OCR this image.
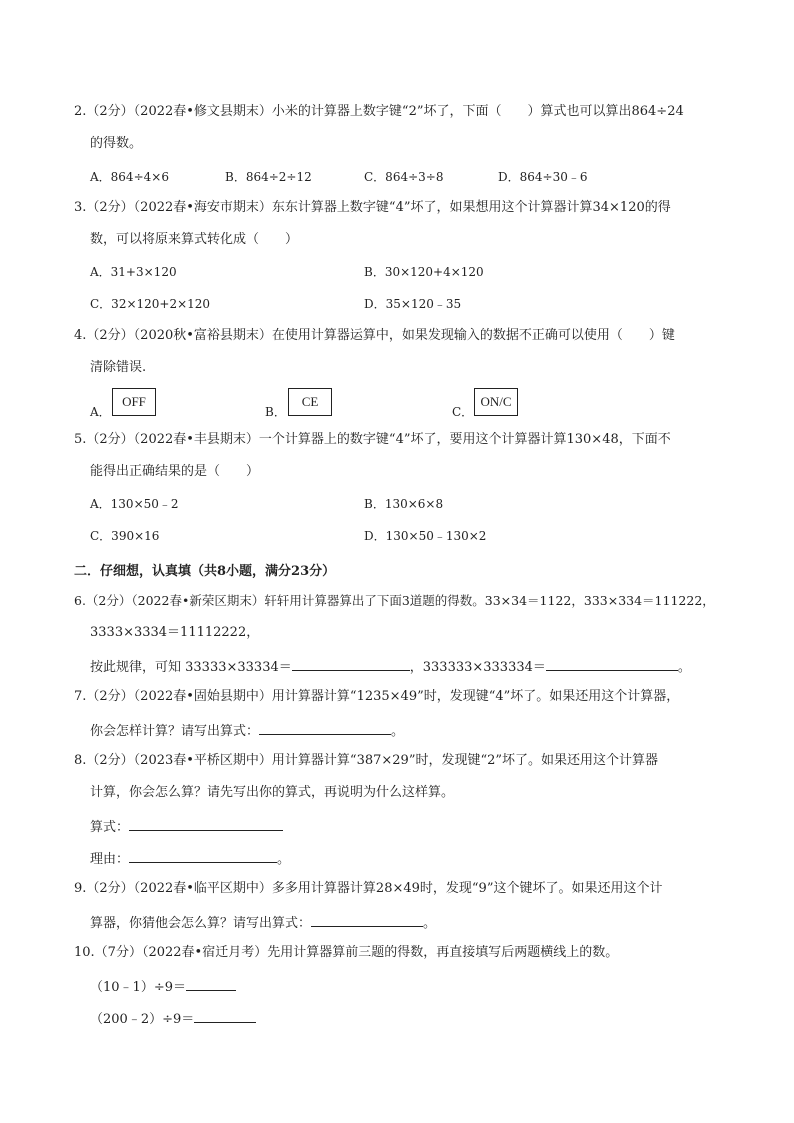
2.（2分）（2022春•修文县期末）小米的计算器上数字键“2”坏了，下面（　　）算式也可以算出864÷24
的得数。
A．864÷4×6	B．864÷2÷12	C．864÷3÷8	D．864÷30﹣6
3.（2分）（2022春•海安市期末）东东计算器上数字键“4”坏了，如果想用这个计算器计算34×120的得
数，可以将原来算式转化成（　　）
A．31+3×120	B．30×120+4×120
C．32×120+2×120	D．35×120﹣35
4.（2分）（2020秋•富裕县期末）在使用计算器运算中，如果发现输入的数据不正确可以使用（　　）键
清除错误.
A．
OFF
B．
CE
C．
ON/C
5.（2分）（2022春•丰县期末）一个计算器上的数字键“4”坏了，要用这个计算器计算130×48，下面不
能得出正确结果的是（　　）
A．130×50﹣2	B．130×6×8
C．390×16	D．130×50﹣130×2
二．仔细想，认真填（共8小题，满分23分）
6.（2分）（2022春•新荣区期末）轩轩用计算器算出了下面3道题的得数。33×34＝1122，333×334＝111222，
3333×3334＝11112222，
按此规律，可知 33333×33334＝	，333333×333334＝	。
7.（2分）（2022春•固始县期中）用计算器计算“1235×49”时，发现键“4”坏了。如果还用这个计算器，
你会怎样计算？请写出算式：	。
8.（2分）（2023春•平桥区期中）用计算器计算“387×29”时，发现键“2”坏了。如果还用这个计算器
计算，你会怎么算？请先写出你的算式，再说明为什么这样算。
算式：
理由：	。
9.（2分）（2022春•临平区期中）多多用计算器计算28×49时，发现“9”这个键坏了。如果还用这个计
算器，你猜他会怎么算？请写出算式：	。
10.（7分）（2022春•宿迁月考）先用计算器算前三题的得数，再直接填写后两题横线上的数。
（10﹣1）÷9＝
（200﹣2）÷9＝
